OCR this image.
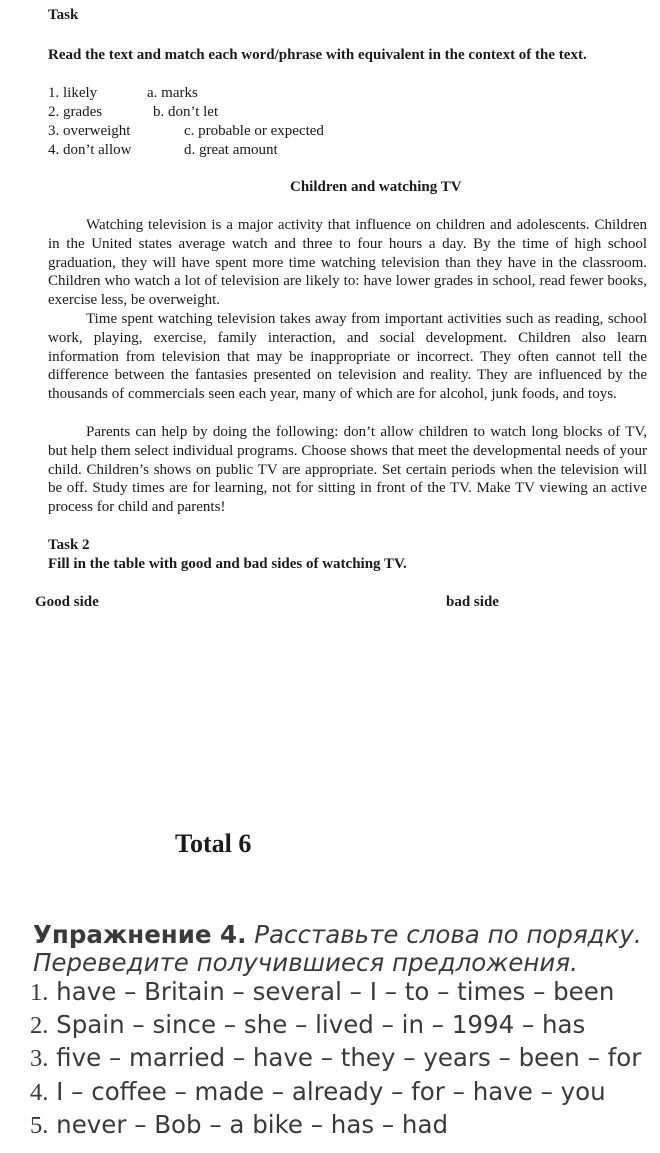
Task
Read the text and match each word/phrase with equivalent in the context of the text.
1. likely
2. grades
3. overweight
4. don’t allow
a. marks
b. don’t let
c. probable or expected
d. great amount
Children and watching TV

Watching television is a major activity that influence on children and adolescents. Children in the United states average watch and three to four hours a day. By the time of high school graduation, they will have spent more time watching television than they have in the classroom. Children who watch a lot of television are likely to: have lower grades in school, read fewer books, exercise less, be overweight.

Time spent watching television takes away from important activities such as reading, school work, playing, exercise, family interaction, and social development. Children also learn information from television that may be inappropriate or incorrect. They often cannot tell the difference between the fantasies presented on television and reality. They are influenced by the thousands of commercials seen each year, many of which are for alcohol, junk foods, and toys.

Parents can help by doing the following: don’t allow children to watch long blocks of TV, but help them select individual programs. Choose shows that meet the developmental needs of your child. Children’s shows on public TV are appropriate. Set certain periods when the television will be off. Study times are for learning, not for sitting in front of the TV. Make TV viewing an active process for child and parents!

Task 2
Fill in the table with good and bad sides of watching TV.
Good side	bad side
Total 6
Упражнение 4. Расставьте слова по порядку.
Переведите получившиеся предложения.
1. have – Britain – several – I – to – times – been
2. Spain – since – she – lived – in – 1994 – has
3. five – married – have – they – years – been – for
4. I – coffee – made – already – for – have – you
5. never – Bob – a bike – has – had
